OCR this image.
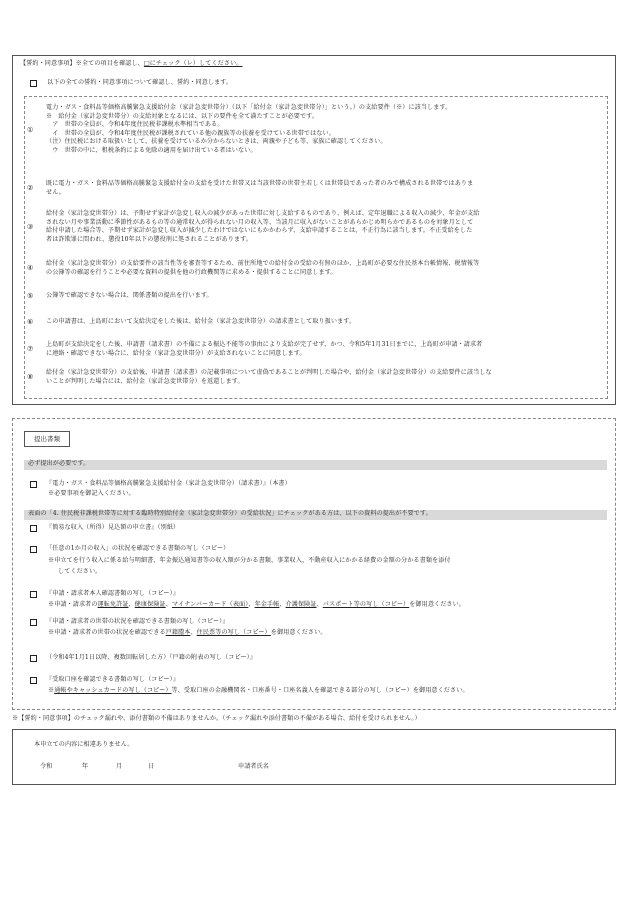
【誓約・同意事項】※全ての項目を確認し、□にチェック（レ）してください。
以下の全ての誓約・同意事項について確認し、誓約・同意します。
①
電力・ガス・食料品等価格高騰緊急支援給付金（家計急変世帯分）（以下「給付金（家計急変世帯分）」という。）の支給要件（※）に該当します。
※　給付金（家計急変世帯分）の支給対象となるには、以下の要件を全て満たすことが必要です。
　ア　世帯の全員が、令和4年度住民税非課税水準相当である。
　イ　世帯の全員が、令和4年度住民税が課税されている他の親族等の扶養を受けている世帯ではない。
（注）住民税における取扱いとして、扶養を受けているか分からないときは、両親や子ども等、家族に確認してください。
　ウ　世帯の中に、租税条約による免除の適用を届け出ている者はいない。
②
既に電力・ガス・食料品等価格高騰緊急支援給付金の支給を受けた世帯又は当該世帯の世帯主若しくは世帯員であった者のみで構成される世帯ではありま
せん。
③
給付金（家計急変世帯分）は、予期せず家計が急変し収入の減少があった世帯に対し支給するものであり、例えば、定年退職による収入の減少、年金が支給
されない月や事業活動に季節性があるもの等の通常収入が得られない月の収入等、当該月に収入がないことがあらかじめ明らかであるものを対象月として
給付申請した場合等、予期せず家計が急変し収入が減少したわけではないにもかかわらず、支給申請することは、不正行為に該当します。不正受給をした
者は詐欺罪に問われ、懲役10年以下の懲役刑に処されることがあります。
④
給付金（家計急変世帯分）の支給要件の該当性等を審査等するため、前住所地での給付金の受給の有無のほか、上島町が必要な住民基本台帳情報、税情報等
の公簿等の確認を行うことや必要な資料の提供を他の行政機関等に求める・提供することに同意します。
⑤ 公簿等で確認できない場合は、関係書類の提出を行います。
⑥ この申請書は、上島町において支給決定をした後は、給付金（家計急変世帯分）の請求書として取り扱います。
⑦
上島町が支給決定をした後、申請書（請求書）の不備による振込不能等の事由により支給が完了せず、かつ、令和5年1月31日までに、上島町が申請・請求者
に連絡・確認できない場合に、給付金（家計急変世帯分）が支給されないことに同意します。
⑧
給付金（家計急変世帯分）の支給後、申請書（請求書）の記載事項について虚偽であることが判明した場合や、給付金（家計急変世帯分）の支給要件に該当しな
いことが判明した場合には、給付金（家計急変世帯分）を返還します。
提出書類
必ず提出が必要です。
『電力・ガス・食料品等価格高騰緊急支援給付金（家計急変世帯分）（請求書）』（本書）
※必要事項を御記入ください。
表面の「4. 住民税非課税世帯等に対する臨時特別給付金（家計急変世帯分）の受給状況」にチェックがある方は、以下の資料の提出が不要です。
『簡易な収入（所得）見込額の申立書』（別紙）
「任意の1か月の収入」の状況を確認できる書類の写し（コピー）
※申立てを行う収入に係る給与明細書、年金振込通知書等の収入額が分かる書類、事業収入、不動産収入にかかる経費の金額の分かる書類を添付
してください。
『申請・請求者本人確認書類の写し（コピー）』
※申請・請求者の運転免許証、健康保険証、マイナンバーカード（表面）、年金手帳、介護保険証、パスポート等の写し（コピー）を御用意ください。
『申請・請求者の世帯の状況を確認できる書類の写し（コピー）』
※申請・請求者の世帯の状況を確認できる戸籍謄本、住民票等の写し（コピー）を御用意ください。
（令和4年1月1日以降、複数回転居した方）『戸籍の附表の写し（コピー）』
『受取口座を確認できる書類の写し（コピー）』
※通帳やキャッシュカードの写し（コピー）等、受取口座の金融機関名・口座番号・口座名義人を確認できる部分の写し（コピー）を御用意ください。
※【誓約・同意事項】のチェック漏れや、添付書類の不備はありませんか。（チェック漏れや添付書類の不備がある場合、給付を受けられません。）
本申立ての内容に相違ありません。
令和	年	月	日	申請者氏名
